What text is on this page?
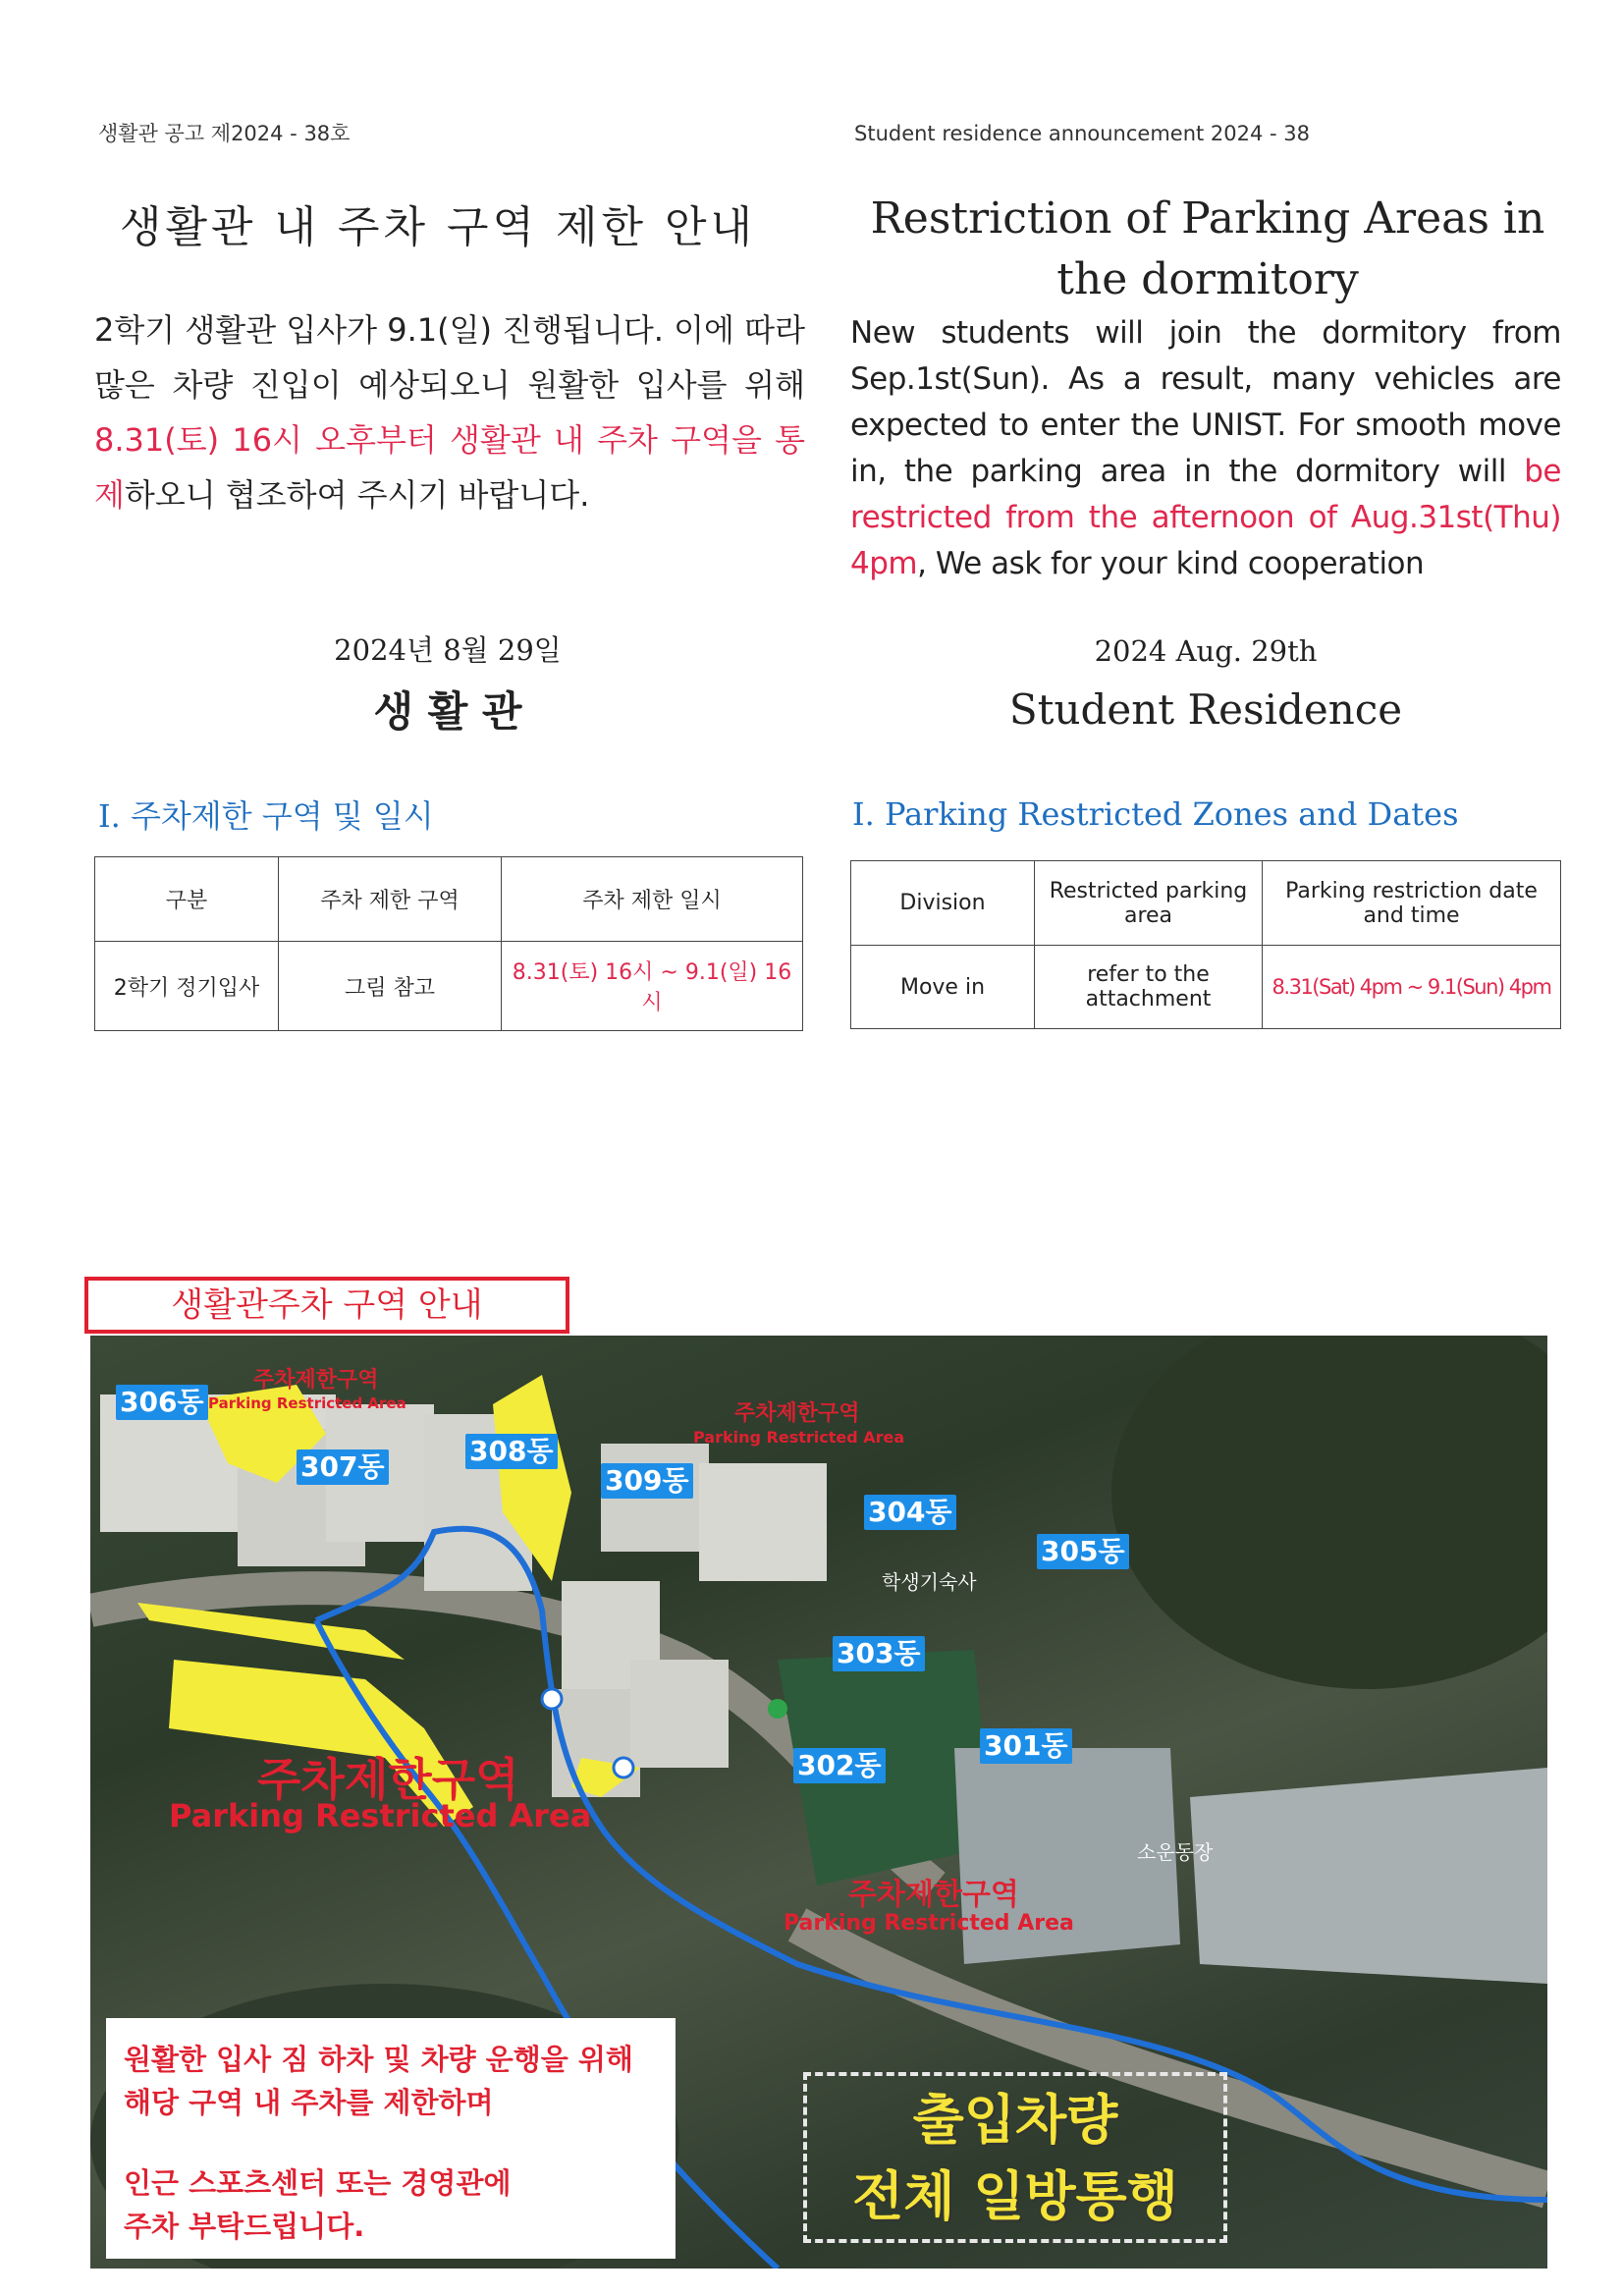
생활관 공고 제2024 - 38호	Student residence announcement 2024 - 38
생활관 내 주차 구역 제한 안내	Restriction of Parking Areas in the dormitory
2학기 생활관 입사가 9.1(일) 진행됩니다. 이에 따라 많은 차량 진입이 예상되오니 원활한 입사를 위해 8.31(토) 16시 오후부터 생활관 내 주차 구역을 통제하오니 협조하여 주시기 바랍니다.
New students will join the dormitory from Sep.1st(Sun). As a result, many vehicles are expected to enter the UNIST. For smooth move in, the parking area in the dormitory will be restricted from the afternoon of Aug.31st(Thu) 4pm, We ask for your kind cooperation
2024년 8월 29일
생 활 관
2024 Aug. 29th
Student Residence
Ⅰ. 주차제한 구역 및 일시	Ⅰ. Parking Restricted Zones and Dates
구분	주차 제한 구역	주차 제한 일시
2학기 정기입사	그림 참고	8.31(토) 16시 ~ 9.1(일) 16시
Division	Restricted parking area	Parking restriction date and time
Move in	refer to the attachment	8.31(Sat) 4pm ~ 9.1(Sun) 4pm
생활관주차 구역 안내
306동
307동	308동
309동
304동
305동
303동
302동
301동
주차제한구역
Parking Restricted Area	주차제한구역
Parking Restricted Area
주차제한구역
Parking Restricted Area
주차제한구역
Parking Restricted Area
학생기숙사
소운동장
원활한 입사 짐 하차 및 차량 운행을 위해
해당 구역 내 주차를 제한하며
인근 스포츠센터 또는 경영관에
주차 부탁드립니다.
출입차량
전체 일방통행
